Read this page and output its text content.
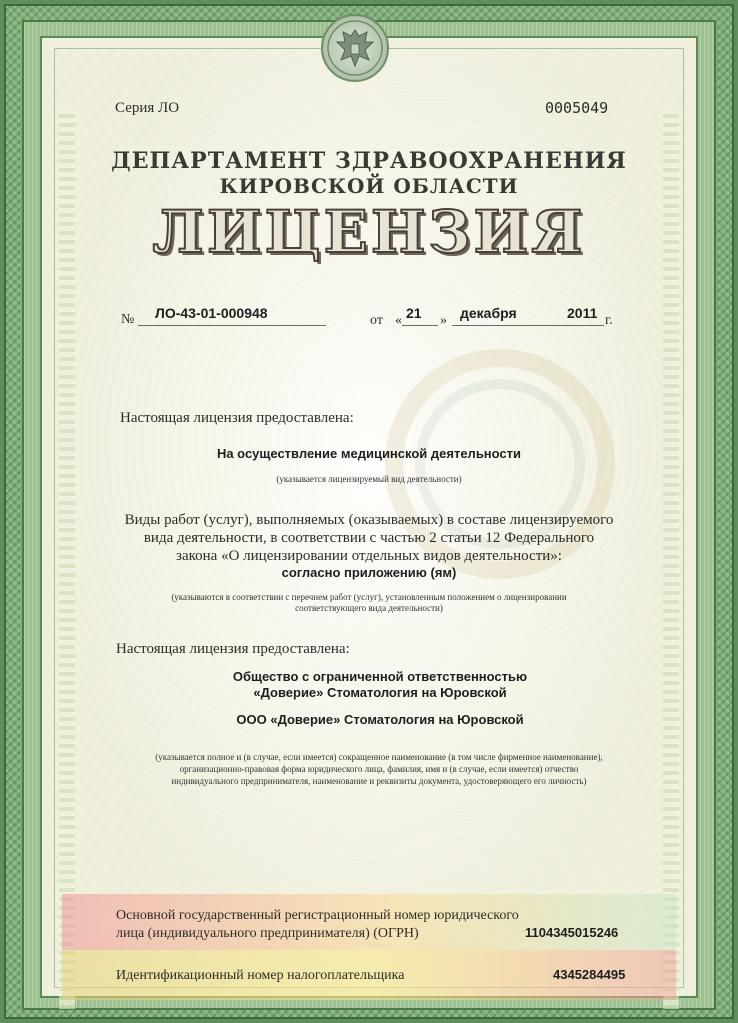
Серия ЛО	0005049

ДЕПАРТАМЕНТ ЗДРАВООХРАНЕНИЯ

КИРОВСКОЙ ОБЛАСТИ

ЛИЦЕНЗИЯ

№ ЛО-43-01-000948	от « 21 » декабря	2011 г.

Настоящая лицензия предоставлена:

На осуществление медицинской деятельности

(указывается лицензируемый вид деятельности)

Виды работ (услуг), выполняемых (оказываемых) в составе лицензируемого

вида деятельности, в соответствии с частью 2 статьи 12 Федерального

закона «О лицензировании отдельных видов деятельности»:

согласно приложению (ям)

(указываются в соответствии с перечнем работ (услуг), установленным положением о лицензировании

соответствующего вида деятельности)

Настоящая лицензия предоставлена:

Общество с ограниченной ответственностью

«Доверие» Стоматология на Юровской

ООО «Доверие» Стоматология на Юровской

(указывается полное и (в случае, если имеется) сокращенное наименование (в том числе фирменное наименование),

организационно-правовая форма юридического лица, фамилия, имя и (в случае, если имеется) отчество

индивидуального предпринимателя, наименование и реквизиты документа, удостоверяющего его личность)

Основной государственный регистрационный номер юридического

лица (индивидуального предпринимателя) (ОГРН)	1104345015246

Идентификационный номер налогоплательщика	4345284495
